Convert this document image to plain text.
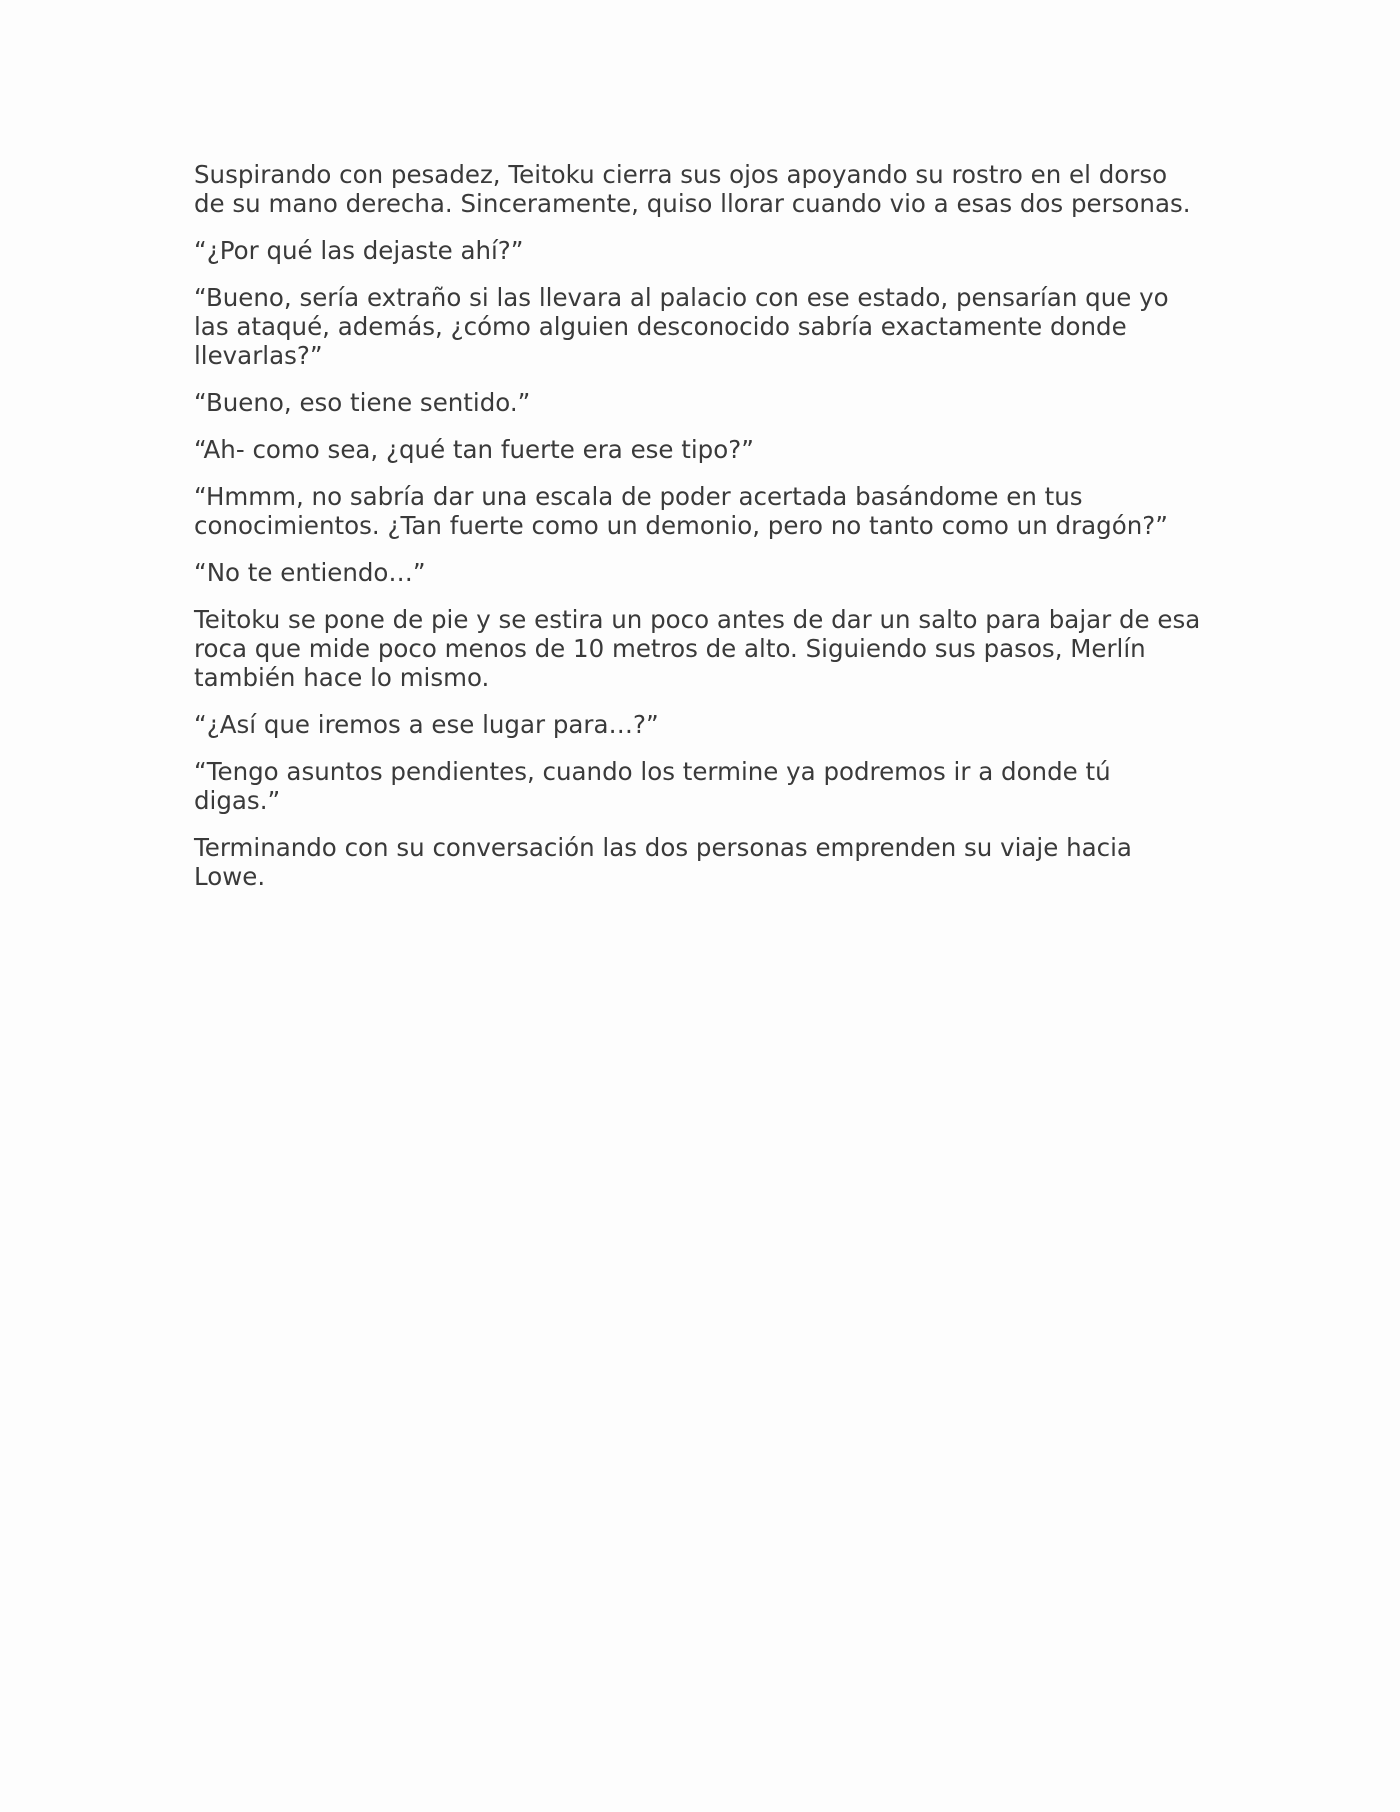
Suspirando con pesadez, Teitoku cierra sus ojos apoyando su rostro en el dorso de su mano derecha. Sinceramente, quiso llorar cuando vio a esas dos personas.

“¿Por qué las dejaste ahí?”

“Bueno, sería extraño si las llevara al palacio con ese estado, pensarían que yo las ataqué, además, ¿cómo alguien desconocido sabría exactamente donde llevarlas?”

“Bueno, eso tiene sentido.”

“Ah- como sea, ¿qué tan fuerte era ese tipo?”

“Hmmm, no sabría dar una escala de poder acertada basándome en tus conocimientos. ¿Tan fuerte como un demonio, pero no tanto como un dragón?”

“No te entiendo…”

Teitoku se pone de pie y se estira un poco antes de dar un salto para bajar de esa roca que mide poco menos de 10 metros de alto. Siguiendo sus pasos, Merlín también hace lo mismo.

“¿Así que iremos a ese lugar para…?”

“Tengo asuntos pendientes, cuando los termine ya podremos ir a donde tú digas.”

Terminando con su conversación las dos personas emprenden su viaje hacia Lowe.
